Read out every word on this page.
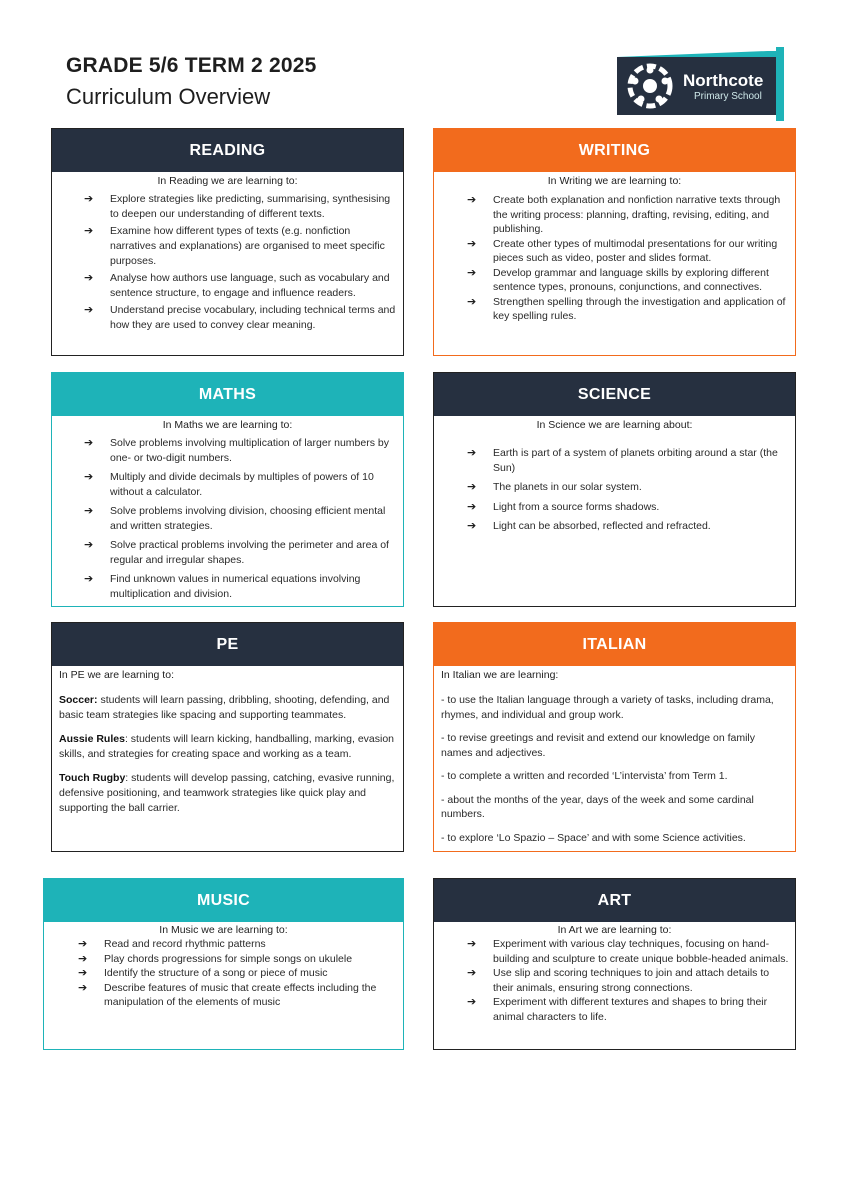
GRADE 5/6 TERM 2 2025
Curriculum Overview
Northcote
Primary School
READING
In Reading we are learning to:
➔ Explore strategies like predicting, summarising, synthesising to deepen our understanding of different texts.
➔ Examine how different types of texts (e.g. nonfiction narratives and explanations) are organised to meet specific purposes.
➔ Analyse how authors use language, such as vocabulary and sentence structure, to engage and influence readers.
➔ Understand precise vocabulary, including technical terms and how they are used to convey clear meaning.
WRITING
In Writing we are learning to:
➔ Create both explanation and nonfiction narrative texts through the writing process: planning, drafting, revising, editing, and publishing.
➔ Create other types of multimodal presentations for our writing pieces such as video, poster and slides format.
➔ Develop grammar and language skills by exploring different sentence types, pronouns, conjunctions, and connectives.
➔ Strengthen spelling through the investigation and application of key spelling rules.
MATHS
In Maths we are learning to:
➔ Solve problems involving multiplication of larger numbers by one- or two-digit numbers.
➔ Multiply and divide decimals by multiples of powers of 10 without a calculator.
➔ Solve problems involving division, choosing efficient mental and written strategies.
➔ Solve practical problems involving the perimeter and area of regular and irregular shapes.
➔ Find unknown values in numerical equations involving multiplication and division.
SCIENCE
In Science we are learning about:
➔ Earth is part of a system of planets orbiting around a star (the Sun)
➔ The planets in our solar system.
➔ Light from a source forms shadows.
➔ Light can be absorbed, reflected and refracted.
PE
In PE we are learning to:

Soccer: students will learn passing, dribbling, shooting, defending, and basic team strategies like spacing and supporting teammates.

Aussie Rules: students will learn kicking, handballing, marking, evasion skills, and strategies for creating space and working as a team.

Touch Rugby: students will develop passing, catching, evasive running, defensive positioning, and teamwork strategies like quick play and supporting the ball carrier.

ITALIAN
In Italian we are learning:

- to use the Italian language through a variety of tasks, including drama, rhymes, and individual and group work.

- to revise greetings and revisit and extend our knowledge on family names and adjectives.

- to complete a written and recorded ‘L’intervista’ from Term 1.

- about the months of the year, days of the week and some cardinal numbers.

- to explore ‘Lo Spazio – Space’ and with some Science activities.

MUSIC
In Music we are learning to:
➔ Read and record rhythmic patterns
➔ Play chords progressions for simple songs on ukulele
➔ Identify the structure of a song or piece of music
➔ Describe features of music that create effects including the manipulation of the elements of music
ART
In Art we are learning to:
➔ Experiment with various clay techniques, focusing on hand-building and sculpture to create unique bobble-headed animals.
➔ Use slip and scoring techniques to join and attach details to their animals, ensuring strong connections.
➔ Experiment with different textures and shapes to bring their animal characters to life.
